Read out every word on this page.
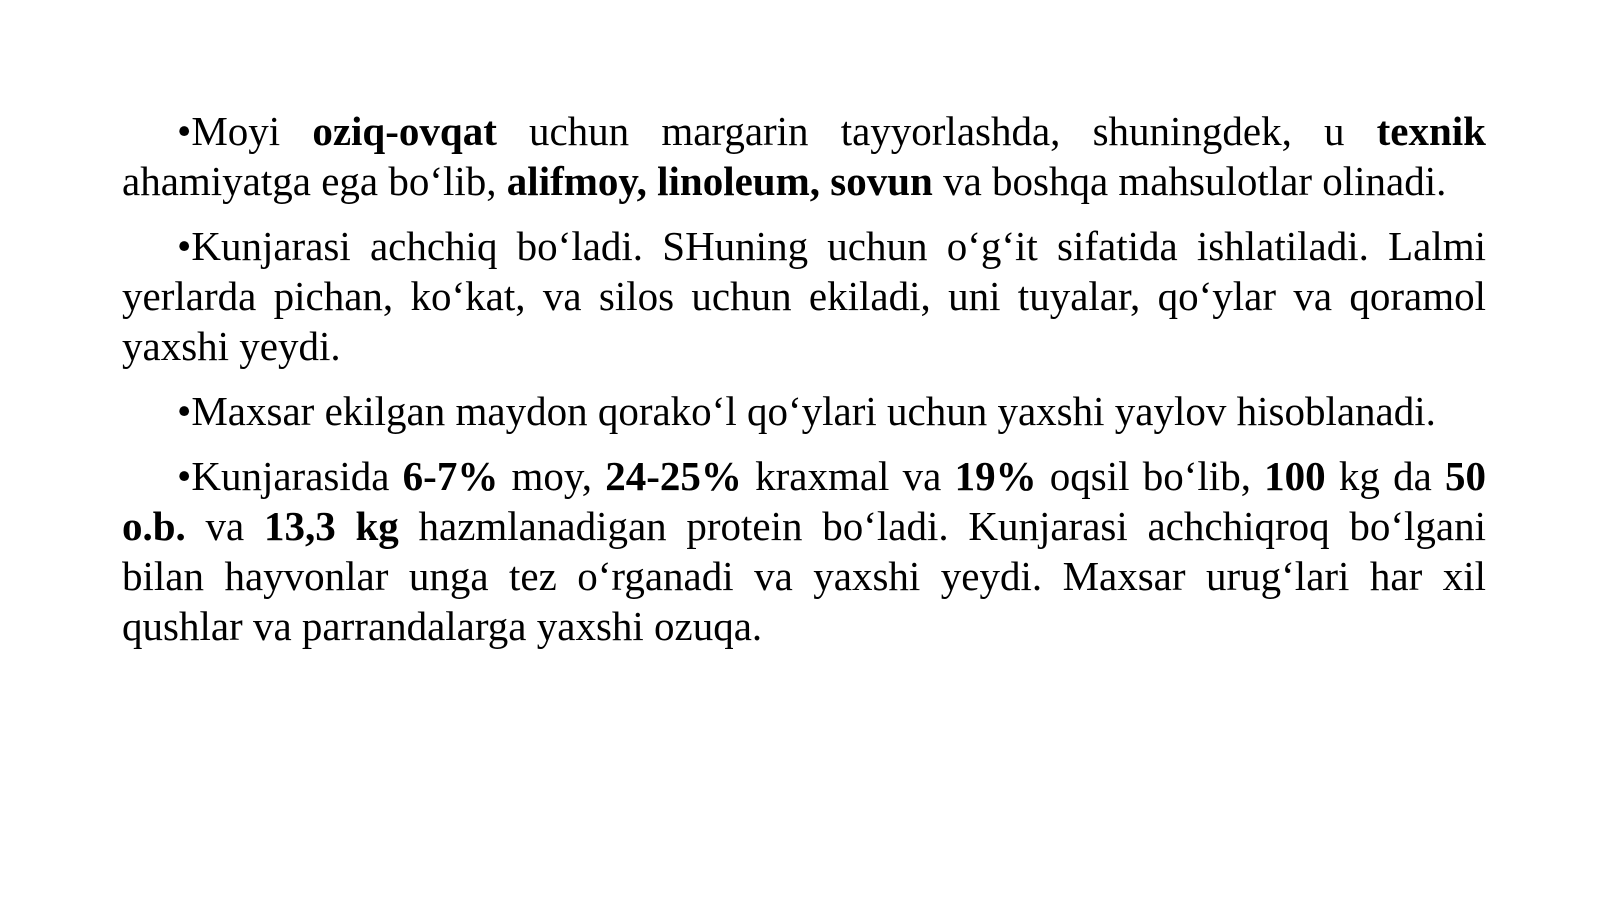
•Moyi oziq-ovqat uchun margarin tayyorlashda, shuningdek, u texnik ahamiyatga ega bo‘lib, alifmoy, linoleum, sovun va boshqa mahsulotlar olinadi.

•Kunjarasi achchiq bo‘ladi. SHuning uchun o‘g‘it sifatida ishlatiladi. Lalmi yerlarda pichan, ko‘kat, va silos uchun ekiladi, uni tuyalar, qo‘ylar va qoramol yaxshi yeydi.

•Maxsar ekilgan maydon qorako‘l qo‘ylari uchun yaxshi yaylov hisoblanadi.

•Kunjarasida 6-7% moy, 24-25% kraxmal va 19% oqsil bo‘lib, 100 kg da 50 o.b. va 13,3 kg hazmlanadigan protein bo‘ladi. Kunjarasi achchiqroq bo‘lgani bilan hayvonlar unga tez o‘rganadi va yaxshi yeydi. Maxsar urug‘lari har xil qushlar va parrandalarga yaxshi ozuqa.
